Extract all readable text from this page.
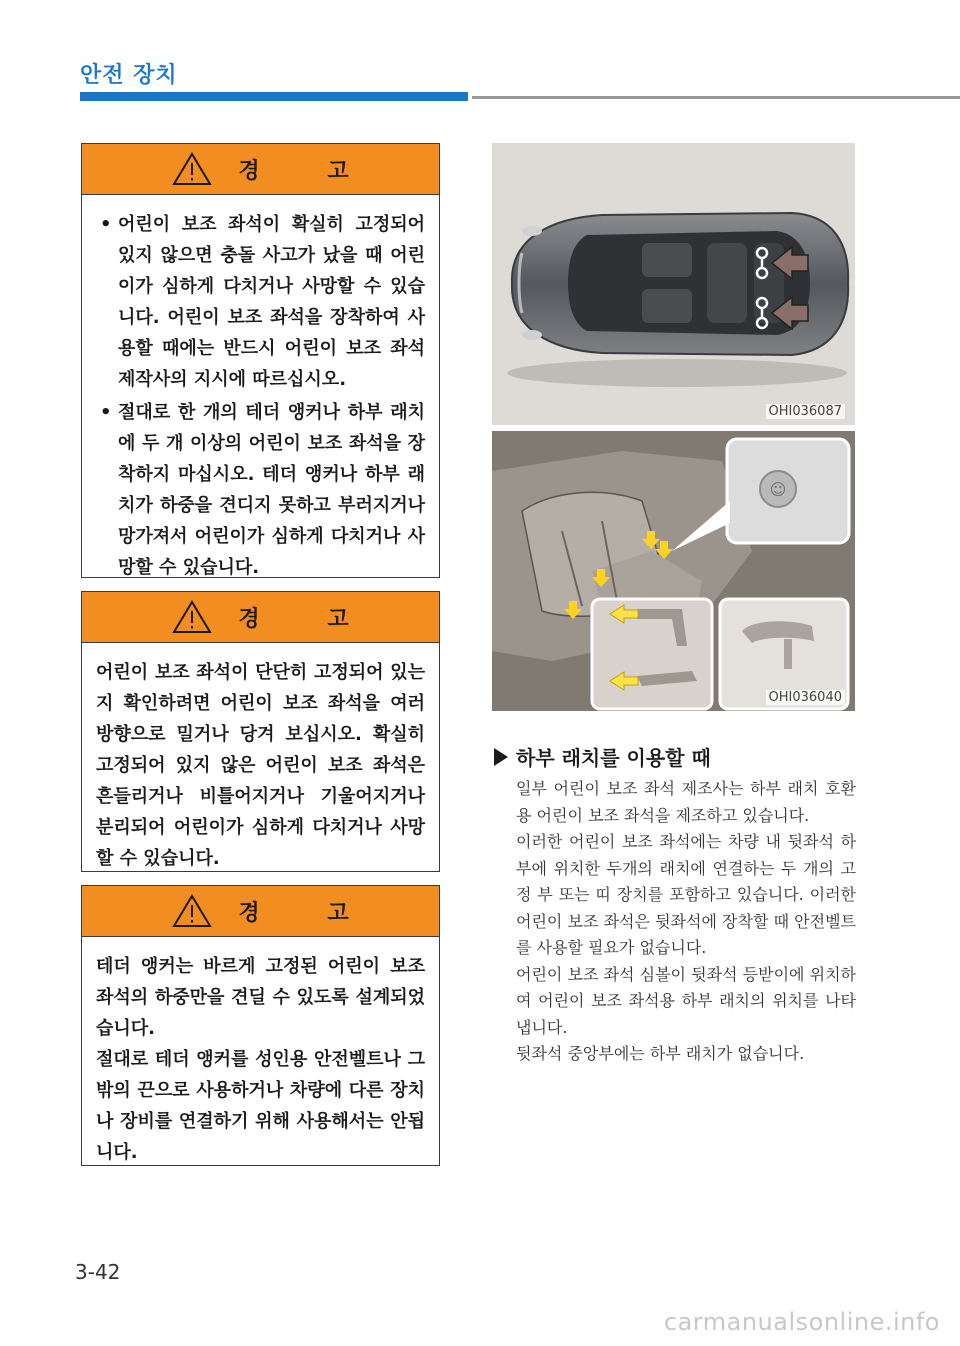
안전 장치
경 고
• 어린이 보조 좌석이 확실히 고정되어 있지 않으면 충돌 사고가 났을 때 어린이가 심하게 다치거나 사망할 수 있습니다. 어린이 보조 좌석을 장착하여 사용할 때에는 반드시 어린이 보조 좌석 제작사의 지시에 따르십시오.
• 절대로 한 개의 테더 앵커나 하부 래치에 두 개 이상의 어린이 보조 좌석을 장착하지 마십시오. 테더 앵커나 하부 래치가 하중을 견디지 못하고 부러지거나 망가져서 어린이가 심하게 다치거나 사망할 수 있습니다.
경 고

어린이 보조 좌석이 단단히 고정되어 있는지 확인하려면 어린이 보조 좌석을 여러 방향으로 밀거나 당겨 보십시오. 확실히 고정되어 있지 않은 어린이 보조 좌석은 흔들리거나 비틀어지거나 기울어지거나 분리되어 어린이가 심하게 다치거나 사망할 수 있습니다.

경 고

테더 앵커는 바르게 고정된 어린이 보조 좌석의 하중만을 견딜 수 있도록 설계되었습니다.

절대로 테더 앵커를 성인용 안전벨트나 그 밖의 끈으로 사용하거나 차량에 다른 장치나 장비를 연결하기 위해 사용해서는 안됩니다.

OHI036087
☺
OHI036040
하부 래치를 이용할 때

일부 어린이 보조 좌석 제조사는 하부 래치 호환용 어린이 보조 좌석을 제조하고 있습니다.

이러한 어린이 보조 좌석에는 차량 내 뒷좌석 하부에 위치한 두개의 래치에 연결하는 두 개의 고정 부 또는 띠 장치를 포함하고 있습니다. 이러한 어린이 보조 좌석은 뒷좌석에 장착할 때 안전벨트를 사용할 필요가 없습니다.

어린이 보조 좌석 심볼이 뒷좌석 등받이에 위치하여 어린이 보조 좌석용 하부 래치의 위치를 나타냅니다.

뒷좌석 중앙부에는 하부 래치가 없습니다.

3-42
carmanualsonline.info
